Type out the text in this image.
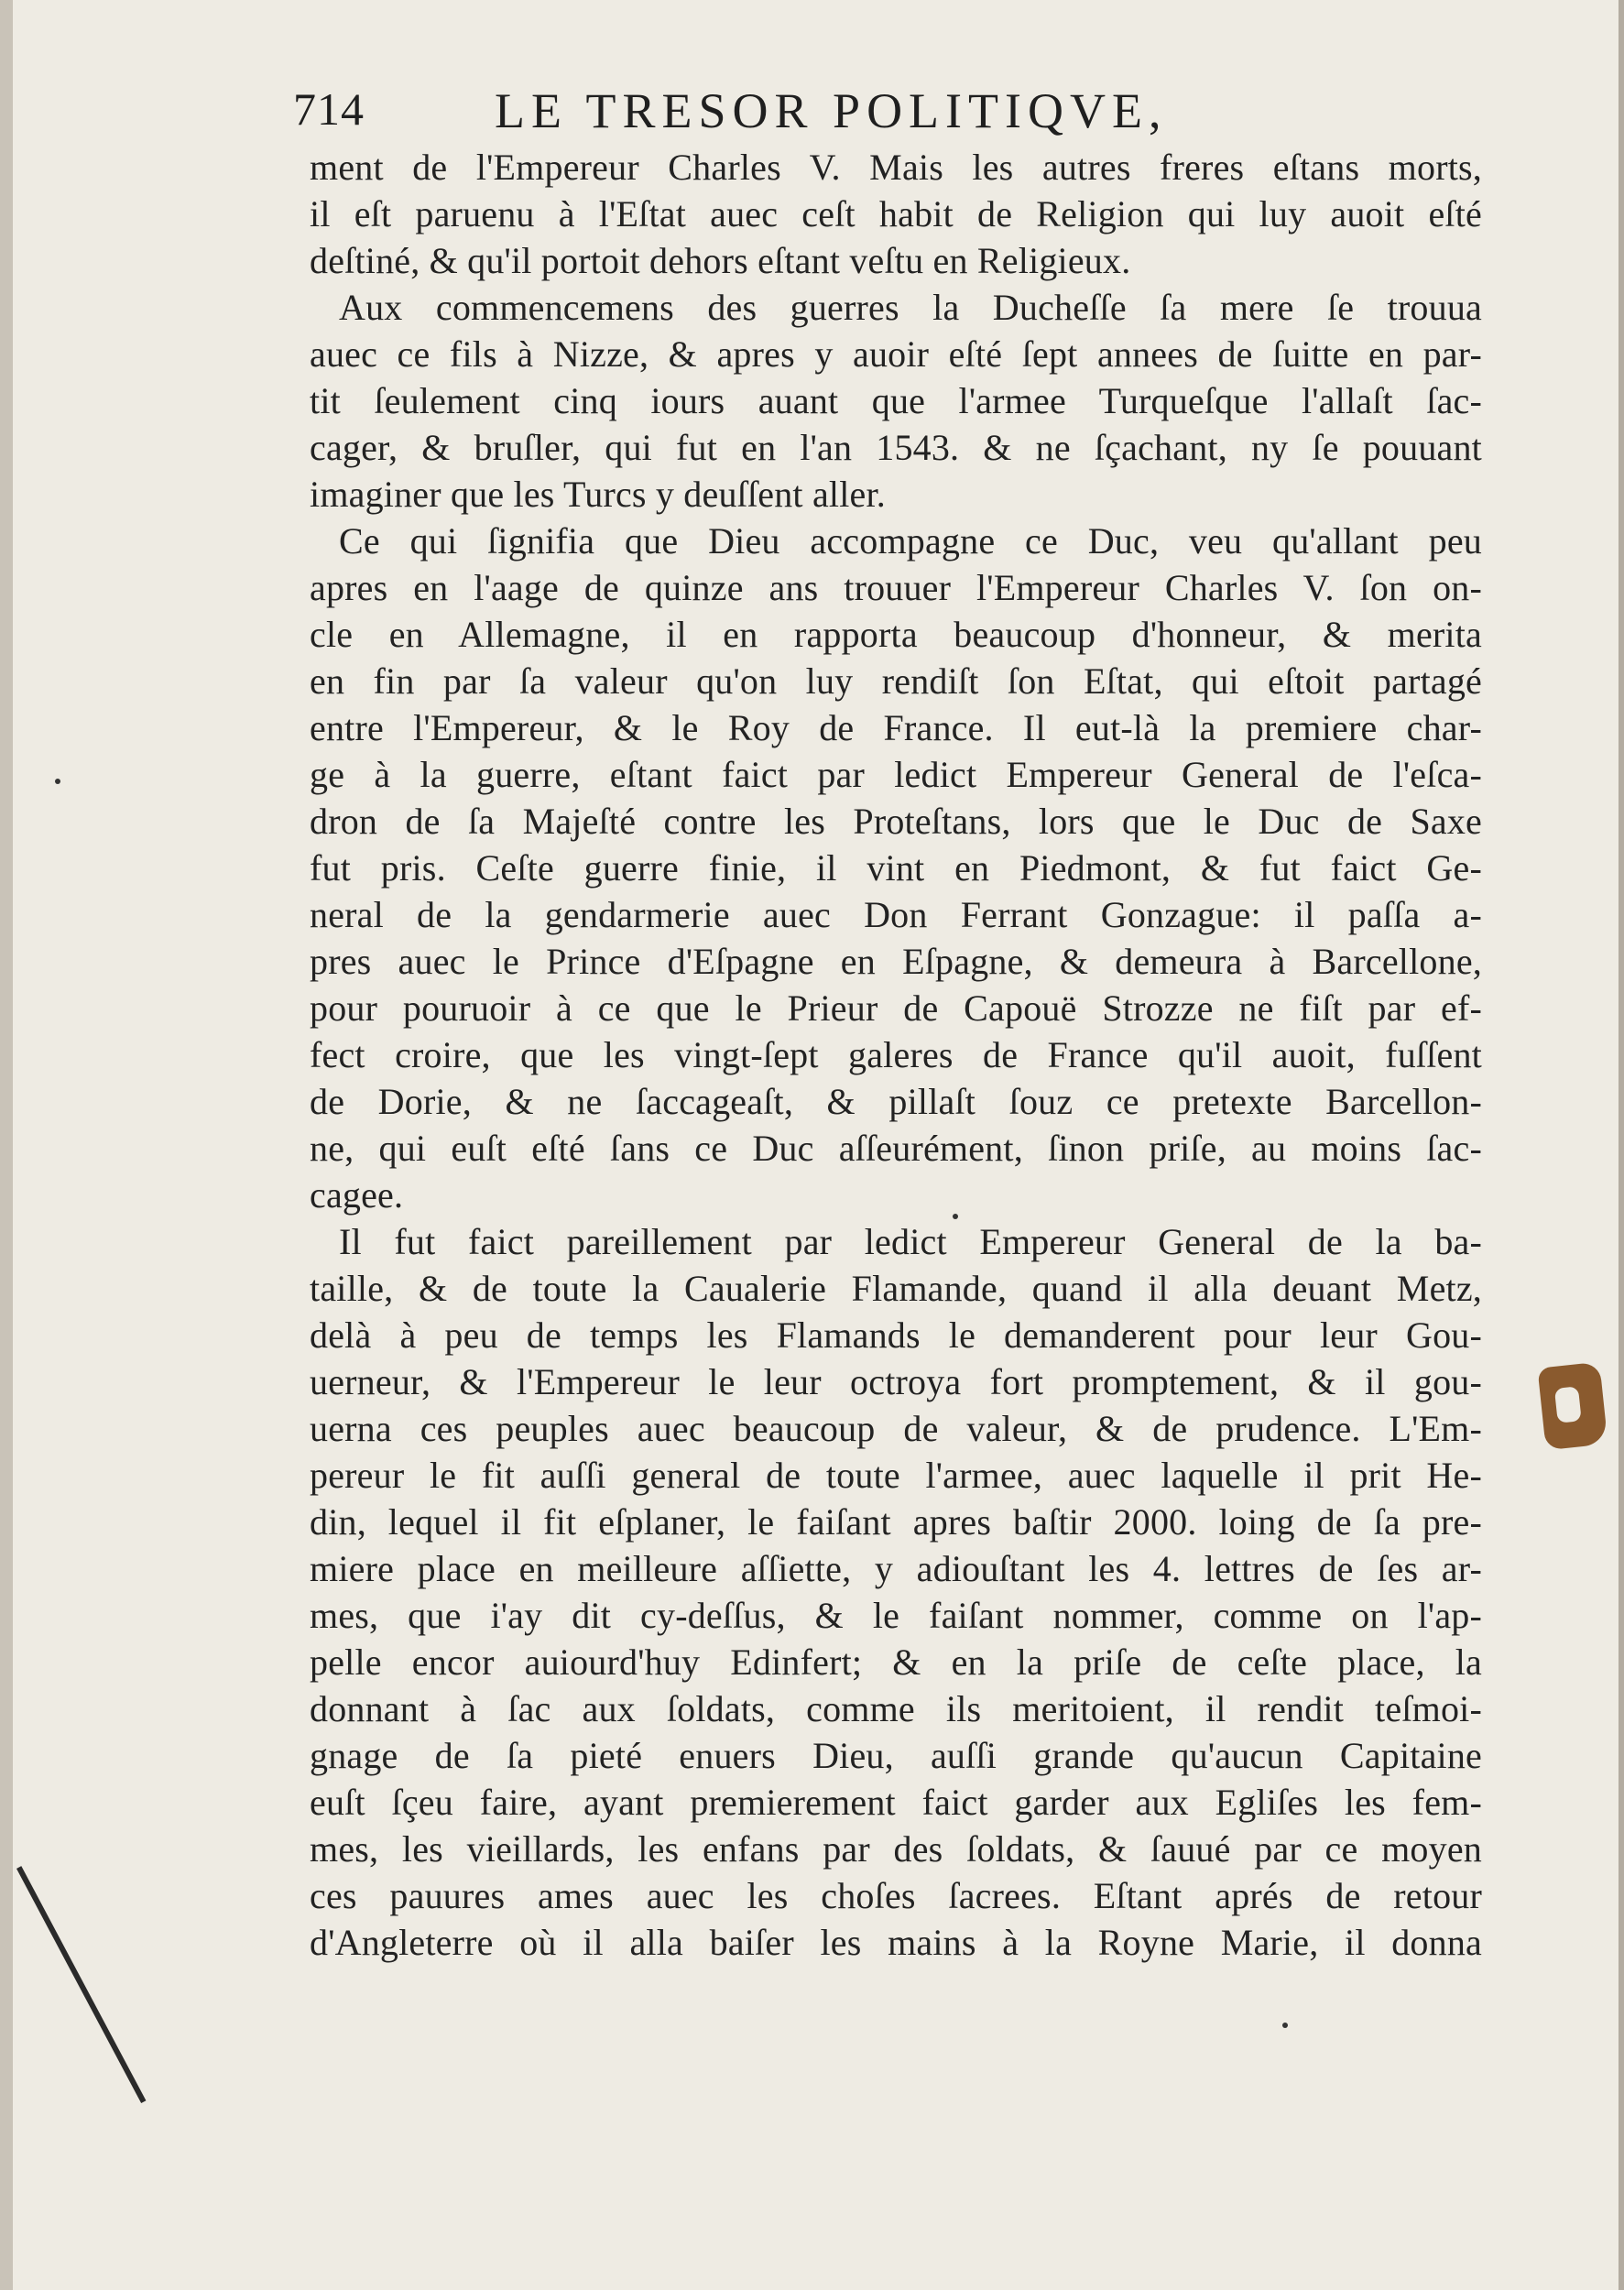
714	LE TRESOR POLITIQVE,
ment de l'Empereur Charles V. Mais les autres freres eſtans morts,
il eſt paruenu à l'Eſtat auec ceſt habit de Religion qui luy auoit eſté
deſtiné, & qu'il portoit dehors eſtant veſtu en Religieux.
Aux commencemens des guerres la Ducheſſe ſa mere ſe trouua
auec ce fils à Nizze, & apres y auoir eſté ſept annees de ſuitte en par-
tit ſeulement cinq iours auant que l'armee Turqueſque l'allaſt ſac-
cager, & bruſler, qui fut en l'an 1543. & ne ſçachant, ny ſe pouuant
imaginer que les Turcs y deuſſent aller.
Ce qui ſignifia que Dieu accompagne ce Duc, veu qu'allant peu
apres en l'aage de quinze ans trouuer l'Empereur Charles V. ſon on-
cle en Allemagne, il en rapporta beaucoup d'honneur, & merita
en fin par ſa valeur qu'on luy rendiſt ſon Eſtat, qui eſtoit partagé
entre l'Empereur, & le Roy de France. Il eut-là la premiere char-
ge à la guerre, eſtant faict par ledict Empereur General de l'eſca-
dron de ſa Majeſté contre les Proteſtans, lors que le Duc de Saxe
fut pris. Ceſte guerre finie, il vint en Piedmont, & fut faict Ge-
neral de la gendarmerie auec Don Ferrant Gonzague: il paſſa a-
pres auec le Prince d'Eſpagne en Eſpagne, & demeura à Barcellone,
pour pouruoir à ce que le Prieur de Capouë Strozze ne fiſt par ef-
fect croire, que les vingt-ſept galeres de France qu'il auoit, fuſſent
de Dorie, & ne ſaccageaſt, & pillaſt ſouz ce pretexte Barcellon-
ne, qui euſt eſté ſans ce Duc aſſeurément, ſinon priſe, au moins ſac-
cagee.
Il fut faict pareillement par ledict Empereur General de la ba-
taille, & de toute la Caualerie Flamande, quand il alla deuant Metz,
delà à peu de temps les Flamands le demanderent pour leur Gou-
uerneur, & l'Empereur le leur octroya fort promptement, & il gou-
uerna ces peuples auec beaucoup de valeur, & de prudence. L'Em-
pereur le fit auſſi general de toute l'armee, auec laquelle il prit He-
din, lequel il fit eſplaner, le faiſant apres baſtir 2000. loing de ſa pre-
miere place en meilleure aſſiette, y adiouſtant les 4. lettres de ſes ar-
mes, que i'ay dit cy-deſſus, & le faiſant nommer, comme on l'ap-
pelle encor auiourd'huy Edinfert; & en la priſe de ceſte place, la
donnant à ſac aux ſoldats, comme ils meritoient, il rendit teſmoi-
gnage de ſa pieté enuers Dieu, auſſi grande qu'aucun Capitaine
euſt ſçeu faire, ayant premierement faict garder aux Egliſes les fem-
mes, les vieillards, les enfans par des ſoldats, & ſauué par ce moyen
ces pauures ames auec les choſes ſacrees. Eſtant aprés de retour
d'Angleterre où il alla baiſer les mains à la Royne Marie, il donna
